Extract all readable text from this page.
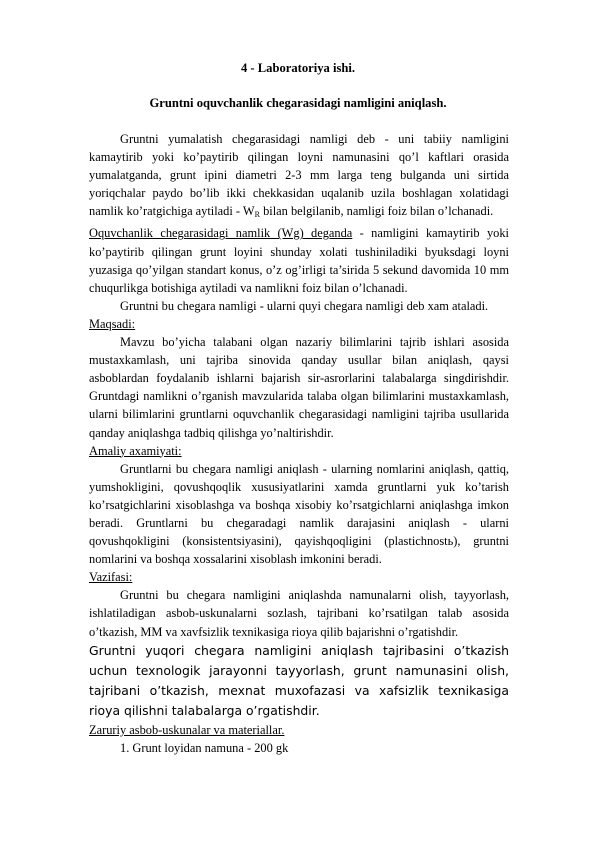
4 - Laboratoriya ishi.
Gruntni oquvchanlik chegarasidagi namligini aniqlash.

Gruntni yumalatish chegarasidagi namligi deb - uni tabiiy namligini kamaytirib yoki ko’paytirib qilingan loyni namunasini qo’l kaftlari orasida yumalatganda, grunt ipini diametri 2-3 mm larga teng bulganda uni sirtida yoriqchalar paydo bo’lib ikki chekkasidan uqalanib uzila boshlagan xolatidagi namlik ko’ratgichiga aytiladi - $W_R$ bilan belgilanib, namligi foiz bilan o’lchanadi.

Oquvchanlik chegarasidagi namlik (Wg) deganda - namligini kamaytirib yoki ko’paytirib qilingan grunt loyini shunday xolati tushiniladiki byuksdagi loyni yuzasiga qo’yilgan standart konus, o’z og’irligi ta’sirida 5 sekund davomida 10 mm chuqurlikga botishiga aytiladi va namlikni foiz bilan o’lchanadi.

Gruntni bu chegara namligi - ularni quyi chegara namligi deb xam ataladi.

Maqsadi:

Mavzu bo’yicha talabani olgan nazariy bilimlarini tajrib ishlari asosida mustaxkamlash, uni tajriba sinovida qanday usullar bilan aniqlash, qaysi asboblardan foydalanib ishlarni bajarish sir-asrorlarini talabalarga singdirishdir. Gruntdagi namlikni o’rganish mavzularida talaba olgan bilimlarini mustaxkamlash, ularni bilimlarini gruntlarni oquvchanlik chegarasidagi namligini tajriba usullarida qanday aniqlashga tadbiq qilishga yo’naltirishdir.

Amaliy axamiyati:

Gruntlarni bu chegara namligi aniqlash - ularning nomlarini aniqlash, qattiq, yumshokligini, qovushqoqlik xususiyatlarini xamda gruntlarni yuk ko’tarish ko’rsatgichlarini xisoblashga va boshqa xisobiy ko’rsatgichlarni aniqlashga imkon beradi. Gruntlarni bu chegaradagi namlik darajasini aniqlash - ularni qovushqokligini (konsistentsiyasini), qayishqoqligini (plastichnostь), gruntni nomlarini va boshqa xossalarini xisoblash imkonini beradi.

Vazifasi:

Gruntni bu chegara namligini aniqlashda namunalarni olish, tayyorlash, ishlatiladigan asbob-uskunalarni sozlash, tajribani ko’rsatilgan talab asosida o’tkazish, MM va xavfsizlik texnikasiga rioya qilib bajarishni o’rgatishdir.

Gruntni yuqori chegara namligini aniqlash tajribasini o’tkazish uchun texnologik jarayonni tayyorlash, grunt namunasini olish, tajribani o’tkazish, mexnat muxofazasi va xafsizlik texnikasiga rioya qilishni talabalarga o’rgatishdir.

Zaruriy asbob-uskunalar va materiallar.

1. Grunt loyidan namuna - 200 gk
